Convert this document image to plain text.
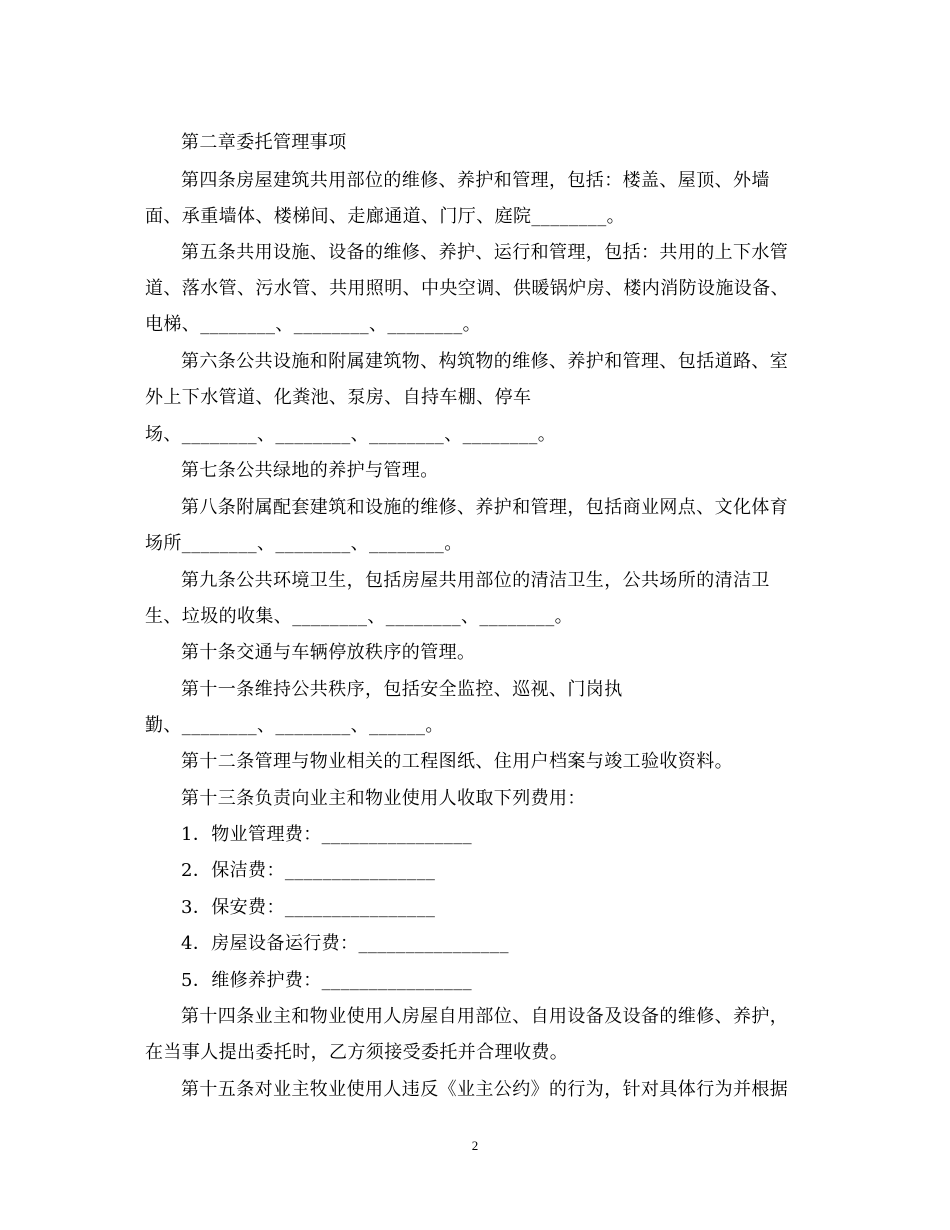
第二章委托管理事项
第四条房屋建筑共用部位的维修、养护和管理，包括：楼盖、屋顶、外墙
面、承重墙体、楼梯间、走廊通道、门厅、庭院________。
第五条共用设施、设备的维修、养护、运行和管理，包括：共用的上下水管
道、落水管、污水管、共用照明、中央空调、供暖锅炉房、楼内消防设施设备、
电梯、________、________、________。
第六条公共设施和附属建筑物、构筑物的维修、养护和管理、包括道路、室
外上下水管道、化粪池、泵房、自持车棚、停车
场、________、________、________、________。
第七条公共绿地的养护与管理。
第八条附属配套建筑和设施的维修、养护和管理，包括商业网点、文化体育
场所________、________、________。
第九条公共环境卫生，包括房屋共用部位的清洁卫生，公共场所的清洁卫
生、垃圾的收集、________、________、________。
第十条交通与车辆停放秩序的管理。
第十一条维持公共秩序，包括安全监控、巡视、门岗执
勤、________、________、______。
第十二条管理与物业相关的工程图纸、住用户档案与竣工验收资料。
第十三条负责向业主和物业使用人收取下列费用：
1．物业管理费：________________
2．保洁费：________________
3．保安费：________________
4．房屋设备运行费：________________
5．维修养护费：________________
第十四条业主和物业使用人房屋自用部位、自用设备及设备的维修、养护，
在当事人提出委托时，乙方须接受委托并合理收费。
第十五条对业主牧业使用人违反《业主公约》的行为，针对具体行为并根据
2
